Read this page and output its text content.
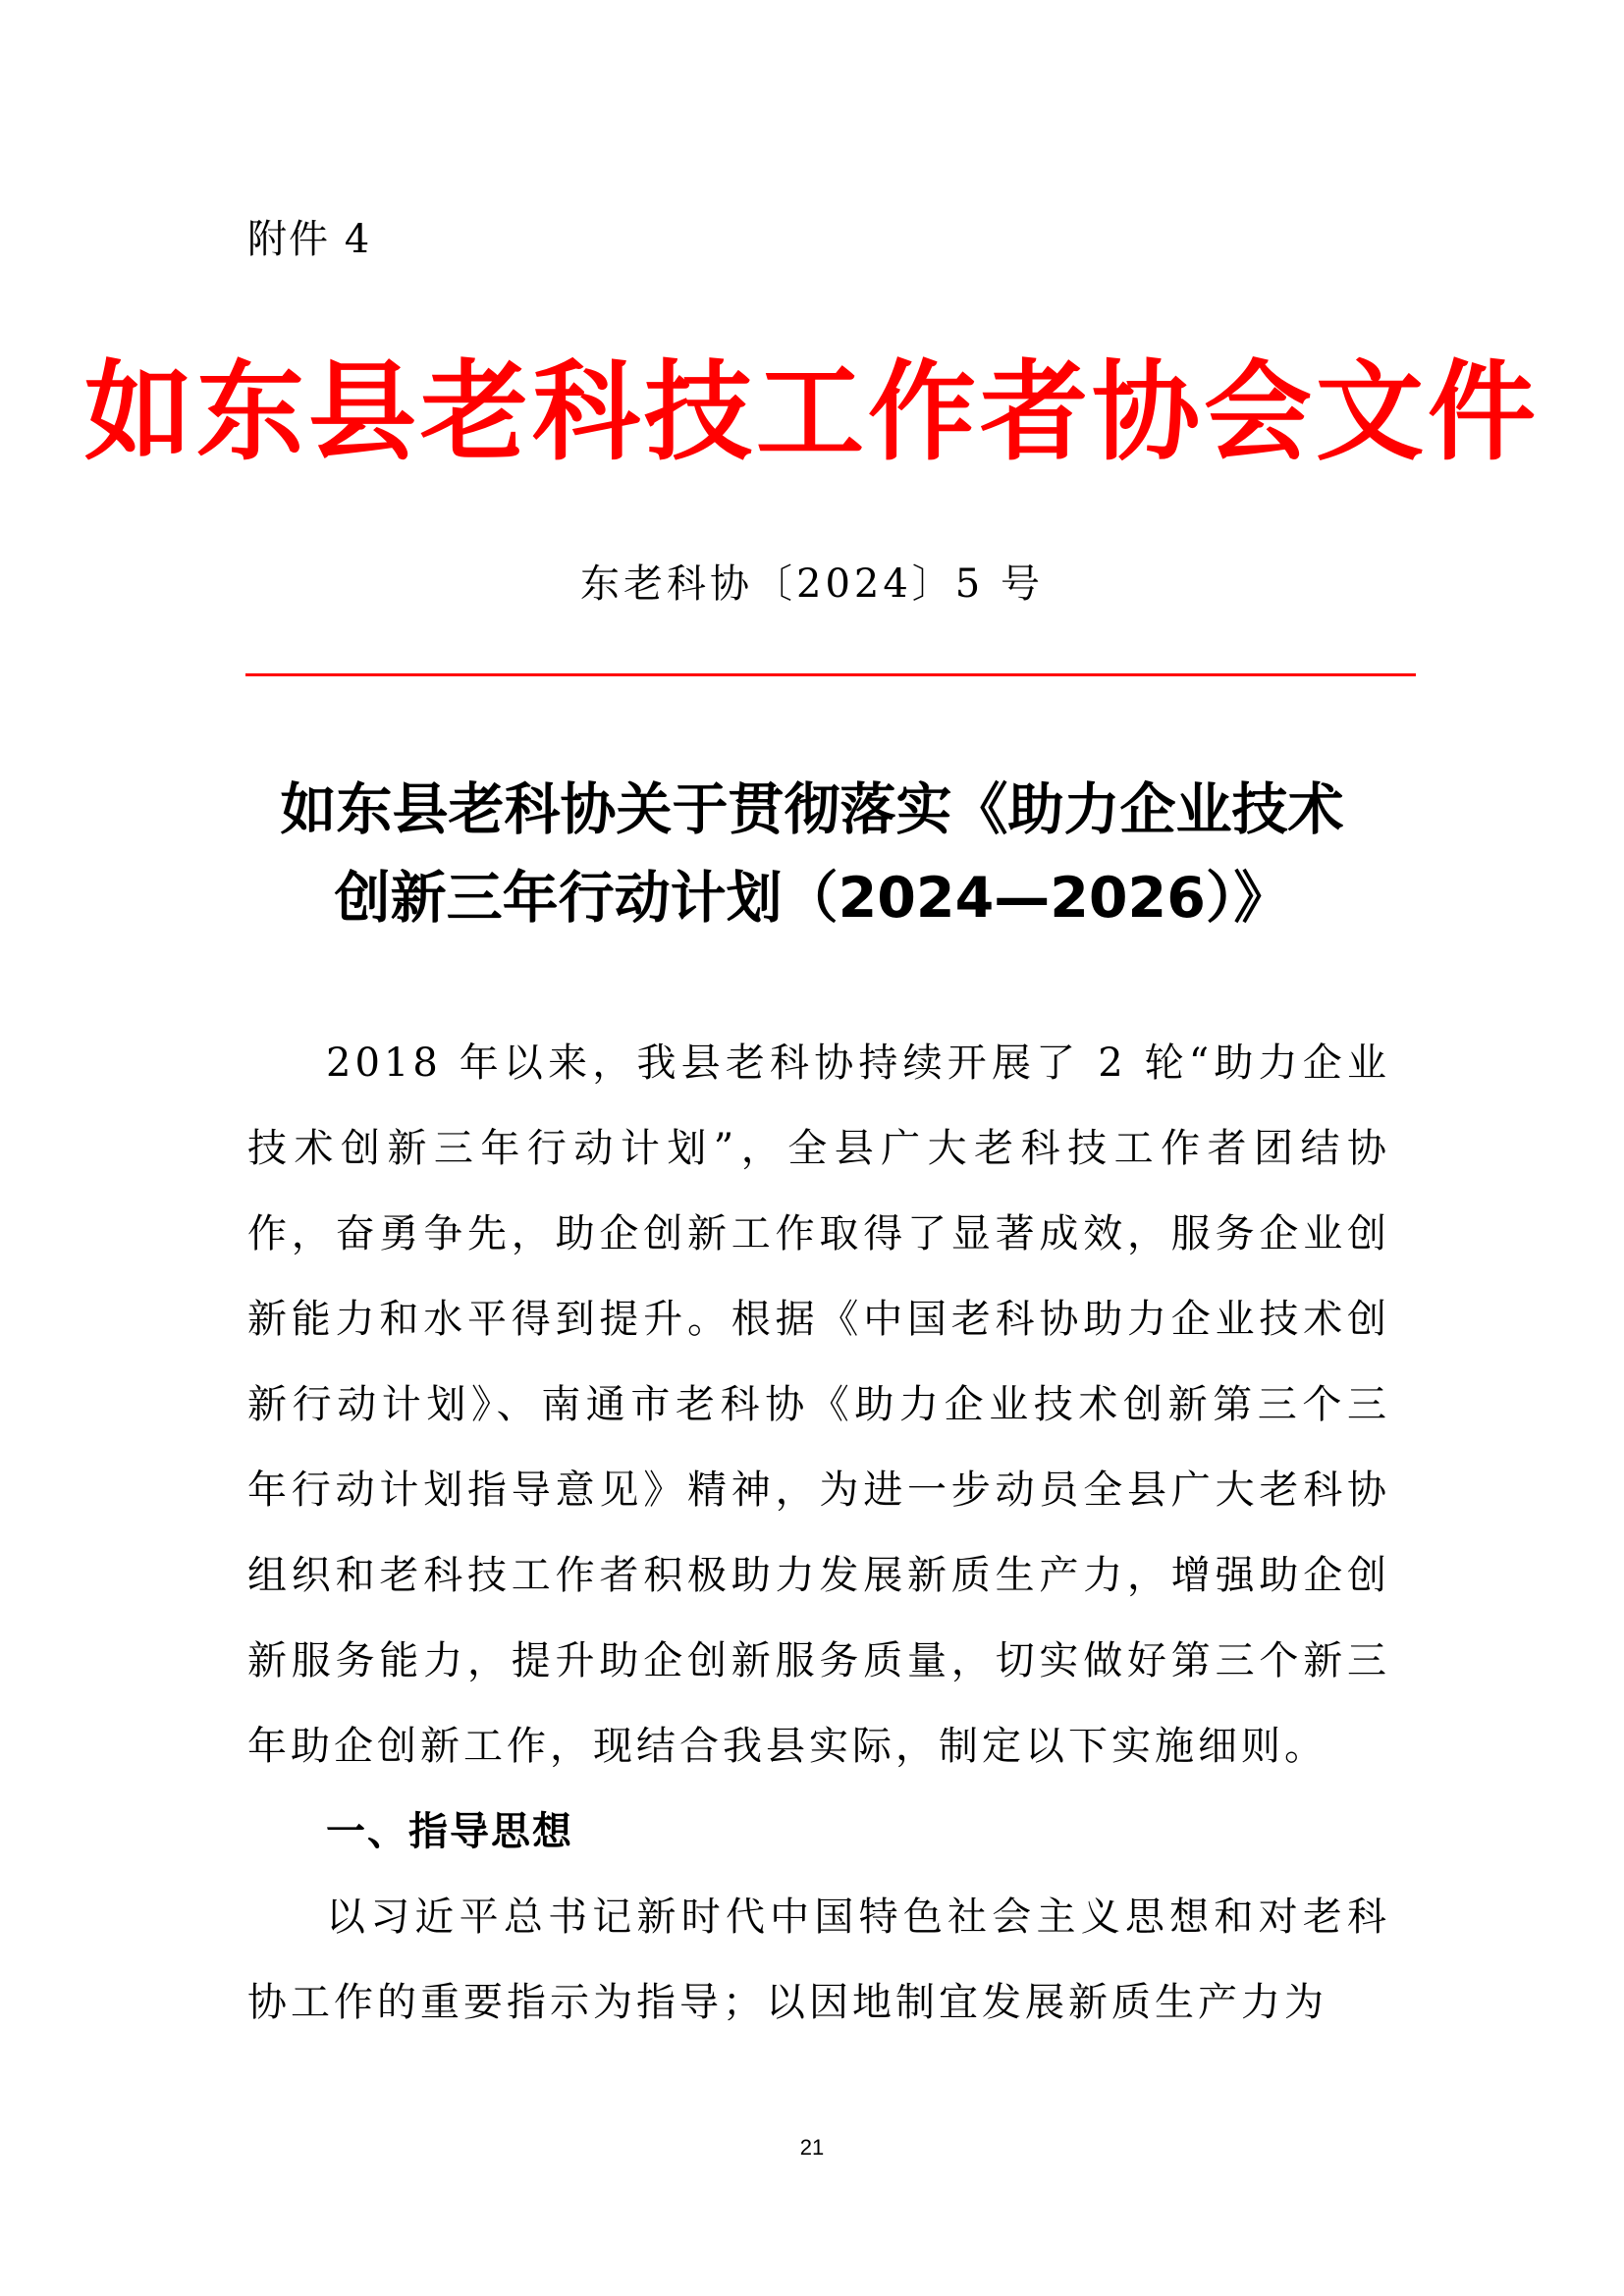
附件 4
如东县老科技工作者协会文件
东老科协〔2024〕5 号
如东县老科协关于贯彻落实《助力企业技术
创新三年行动计划（2024—2026）》

2018 年以来，我县老科协持续开展了 2 轮“助力企业技术创新三年行动计划”，全县广大老科技工作者团结协作，奋勇争先，助企创新工作取得了显著成效，服务企业创新能力和水平得到提升。根据《中国老科协助力企业技术创新行动计划》、南通市老科协《助力企业技术创新第三个三年行动计划指导意见》精神，为进一步动员全县广大老科协组织和老科技工作者积极助力发展新质生产力，增强助企创新服务能力，提升助企创新服务质量，切实做好第三个新三年助企创新工作，现结合我县实际，制定以下实施细则。

一、指导思想

以习近平总书记新时代中国特色社会主义思想和对老科协工作的重要指示为指导；以因地制宜发展新质生产力为

21
